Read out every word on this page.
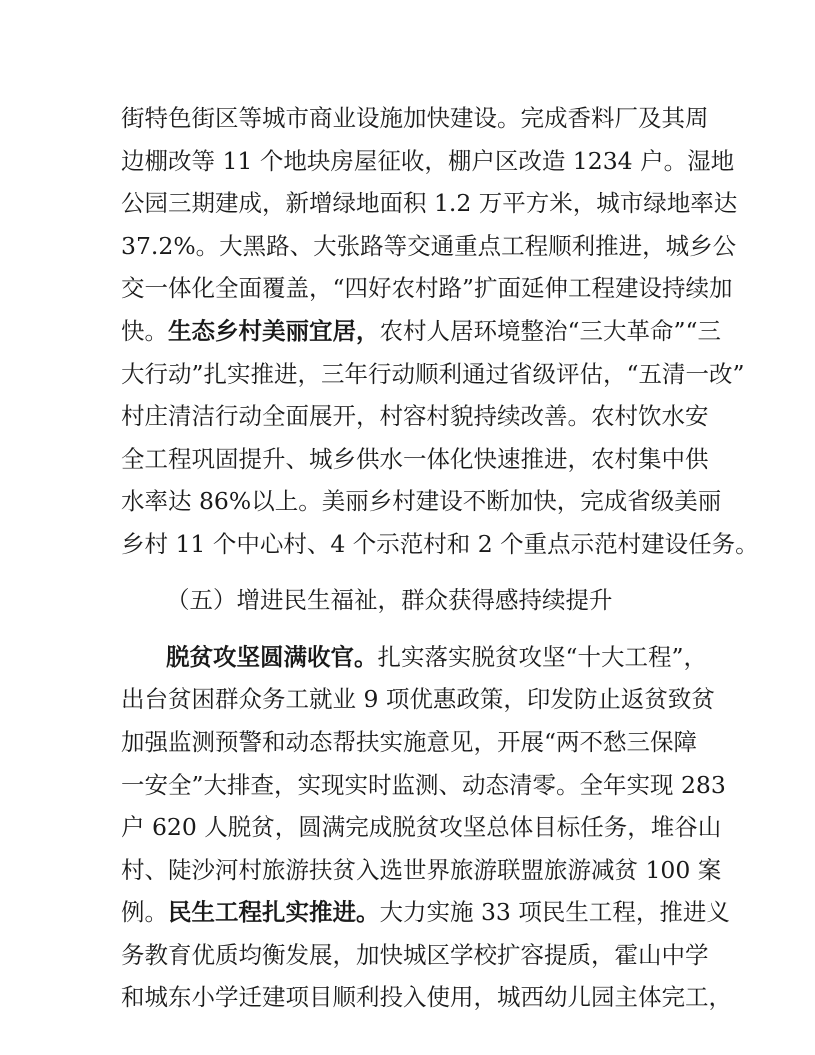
街特色街区等城市商业设施加快建设。完成香料厂及其周
边棚改等 11 个地块房屋征收，棚户区改造 1234 户。湿地
公园三期建成，新增绿地面积 1.2 万平方米，城市绿地率达
37.2%。大黑路、大张路等交通重点工程顺利推进，城乡公
交一体化全面覆盖，“四好农村路”扩面延伸工程建设持续加
快。生态乡村美丽宜居，农村人居环境整治“三大革命”“三
大行动”扎实推进，三年行动顺利通过省级评估，“五清一改”
村庄清洁行动全面展开，村容村貌持续改善。农村饮水安
全工程巩固提升、城乡供水一体化快速推进，农村集中供
水率达 86%以上。美丽乡村建设不断加快，完成省级美丽
乡村 11 个中心村、4 个示范村和 2 个重点示范村建设任务。
（五）增进民生福祉，群众获得感持续提升
脱贫攻坚圆满收官。扎实落实脱贫攻坚“十大工程”，
出台贫困群众务工就业 9 项优惠政策，印发防止返贫致贫
加强监测预警和动态帮扶实施意见，开展“两不愁三保障
一安全”大排查，实现实时监测、动态清零。全年实现 283
户 620 人脱贫，圆满完成脱贫攻坚总体目标任务，堆谷山
村、陡沙河村旅游扶贫入选世界旅游联盟旅游减贫 100 案
例。民生工程扎实推进。大力实施 33 项民生工程，推进义
务教育优质均衡发展，加快城区学校扩容提质，霍山中学
和城东小学迁建项目顺利投入使用，城西幼儿园主体完工，
